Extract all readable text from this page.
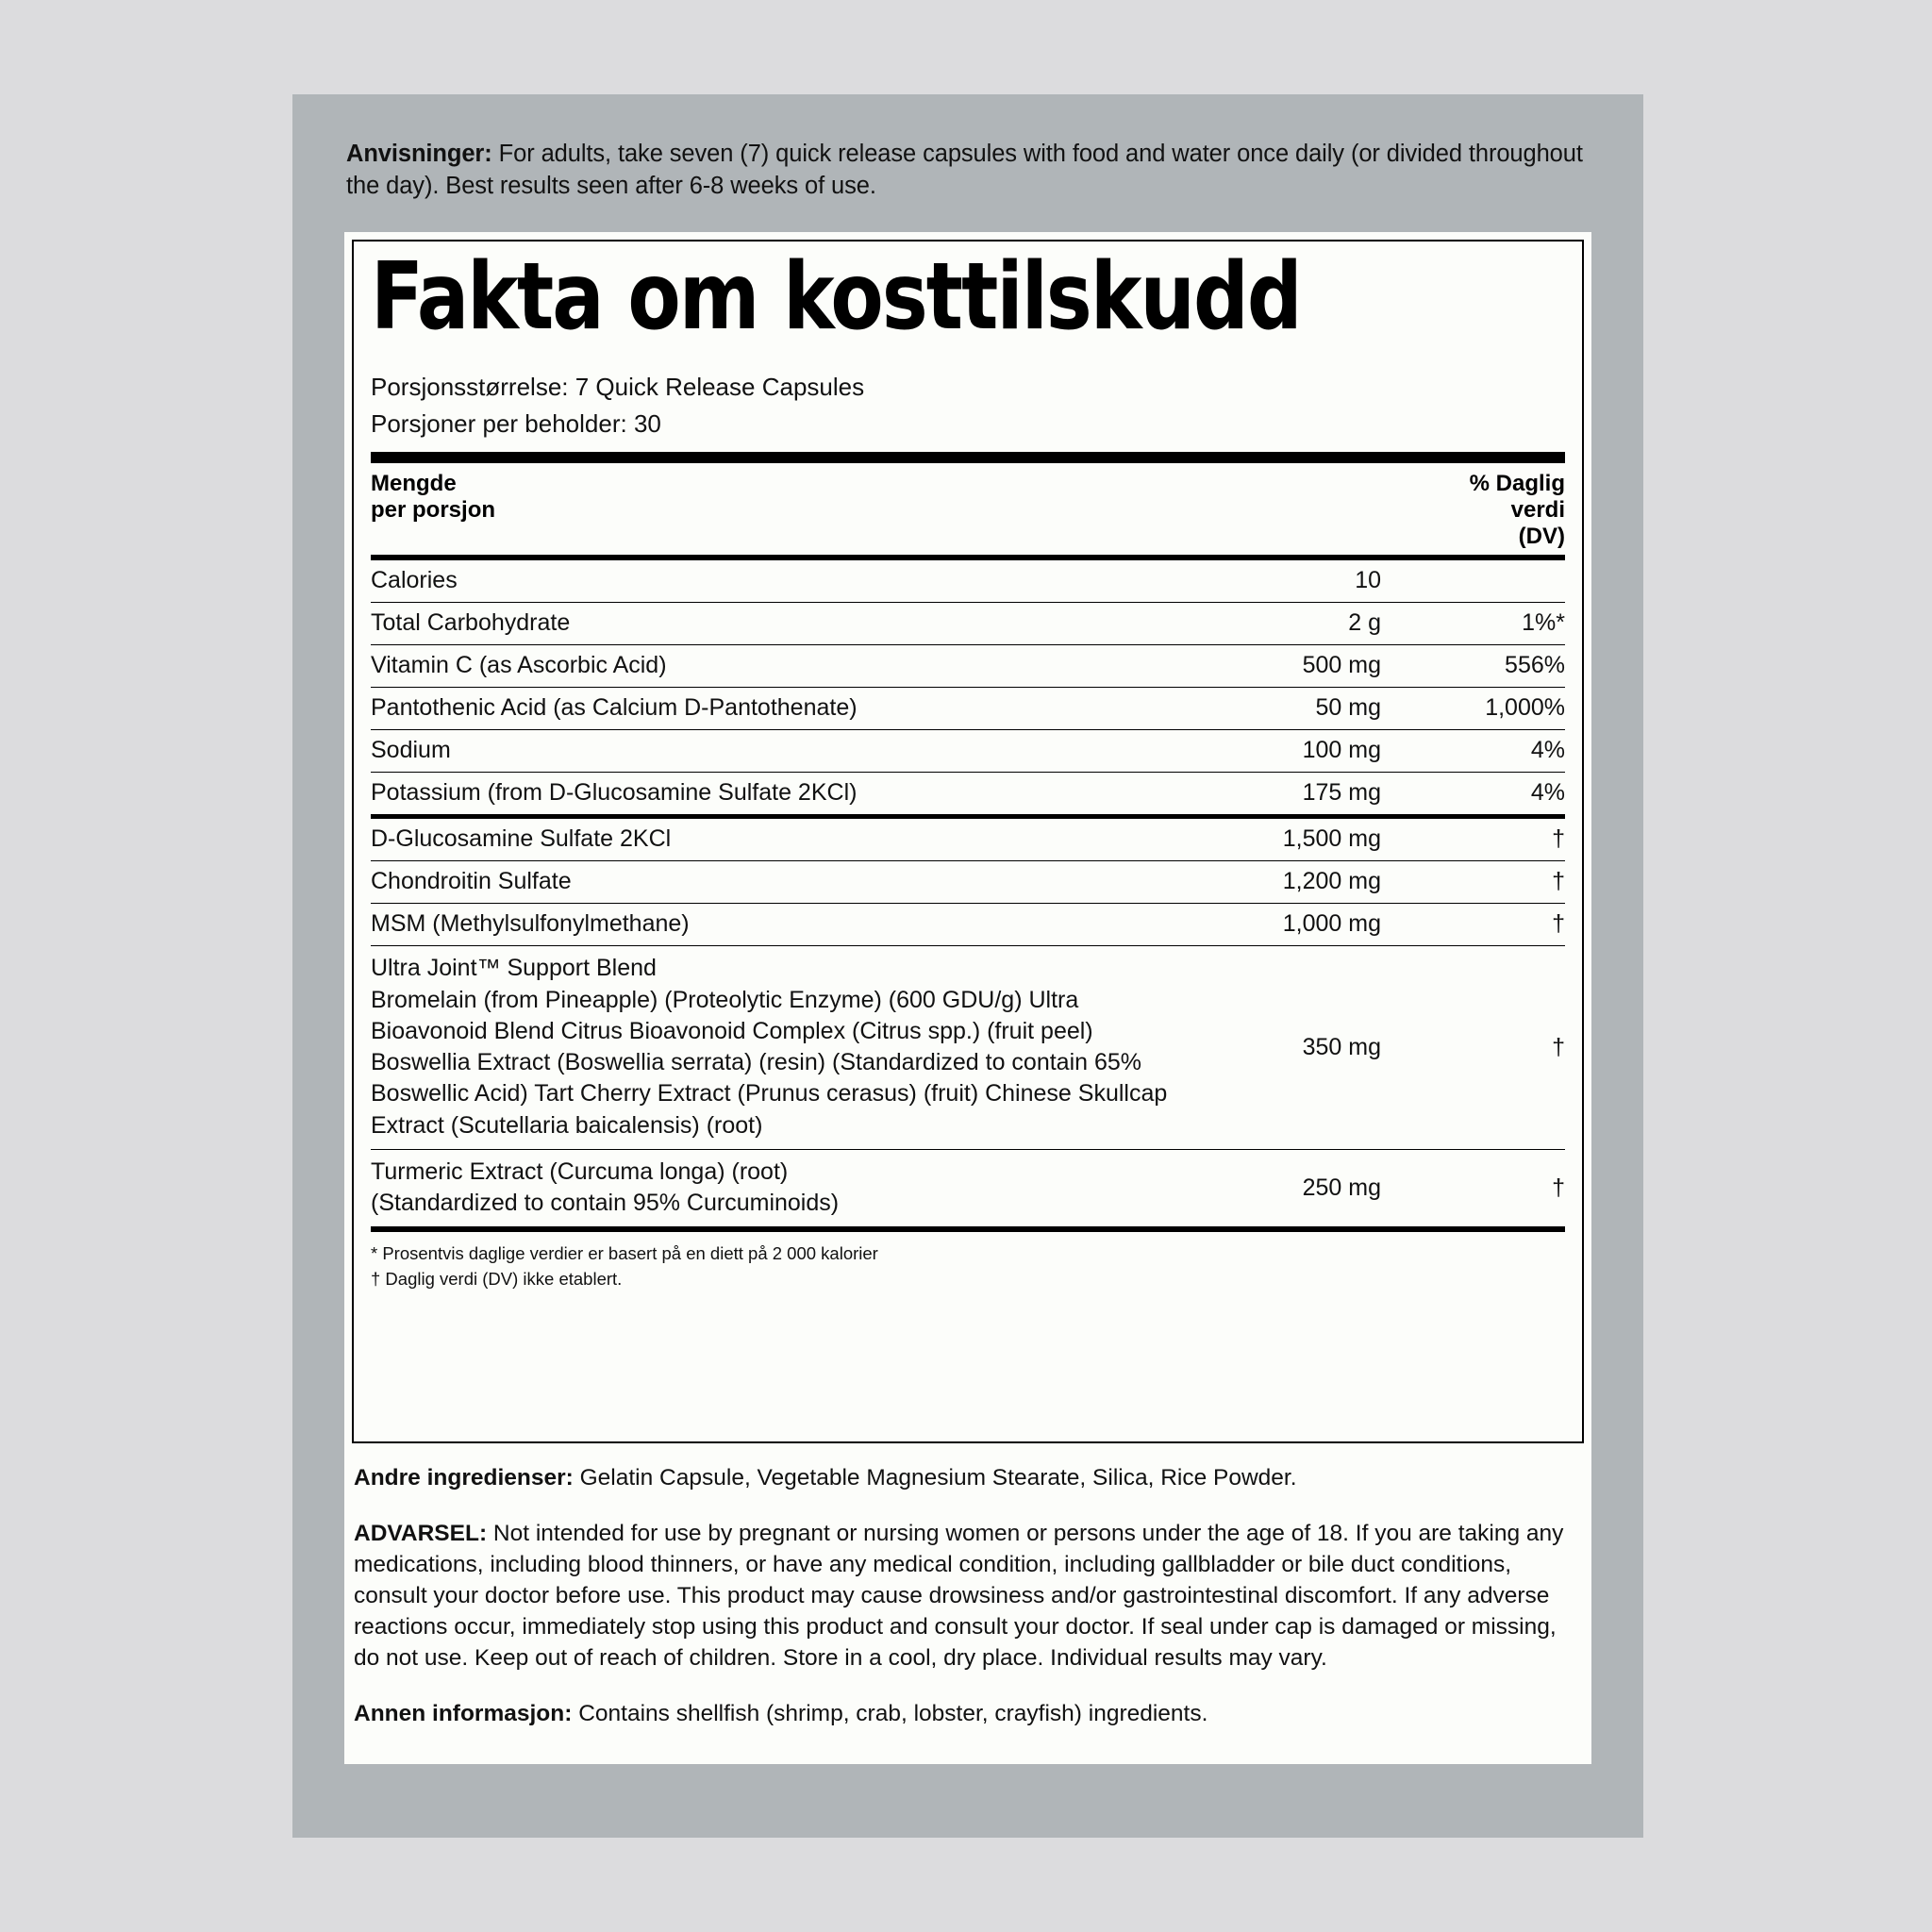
Anvisninger: For adults, take seven (7) quick release capsules with food and water once daily (or divided throughout the day). Best results seen after 6-8 weeks of use.
Fakta om kosttilskudd
Porsjonsstørrelse: 7 Quick Release Capsules
Porsjoner per beholder: 30
Mengde
per porsjon
% Daglig
verdi
(DV)
Calories	10	
Total Carbohydrate	2 g	1%*
Vitamin C (as Ascorbic Acid)	500 mg	556%
Pantothenic Acid (as Calcium D-Pantothenate)	50 mg	1,000%
Sodium	100 mg	4%
Potassium (from D-Glucosamine Sulfate 2KCl)	175 mg	4%
D-Glucosamine Sulfate 2KCl	1,500 mg	†
Chondroitin Sulfate	1,200 mg	†
MSM (Methylsulfonylmethane)	1,000 mg	†

Ultra Joint™ Support Blend
Bromelain (from Pineapple) (Proteolytic Enzyme) (600 GDU/g) Ultra Bioavonoid Blend Citrus Bioavonoid Complex (Citrus spp.) (fruit peel) Boswellia Extract (Boswellia serrata) (resin) (Standardized to contain 65% Boswellic Acid) Tart Cherry Extract (Prunus cerasus) (fruit) Chinese Skullcap Extract (Scutellaria baicalensis) (root)	350 mg	†

Turmeric Extract (Curcuma longa) (root)
(Standardized to contain 95% Curcuminoids)	250 mg	†
* Prosentvis daglige verdier er basert på en diett på 2 000 kalorier
† Daglig verdi (DV) ikke etablert.

Andre ingredienser: Gelatin Capsule, Vegetable Magnesium Stearate, Silica, Rice Powder.

ADVARSEL: Not intended for use by pregnant or nursing women or persons under the age of 18. If you are taking any medications, including blood thinners, or have any medical condition, including gallbladder or bile duct conditions, consult your doctor before use. This product may cause drowsiness and/or gastrointestinal discomfort. If any adverse reactions occur, immediately stop using this product and consult your doctor. If seal under cap is damaged or missing, do not use. Keep out of reach of children. Store in a cool, dry place. Individual results may vary.

Annen informasjon: Contains shellfish (shrimp, crab, lobster, crayfish) ingredients.
